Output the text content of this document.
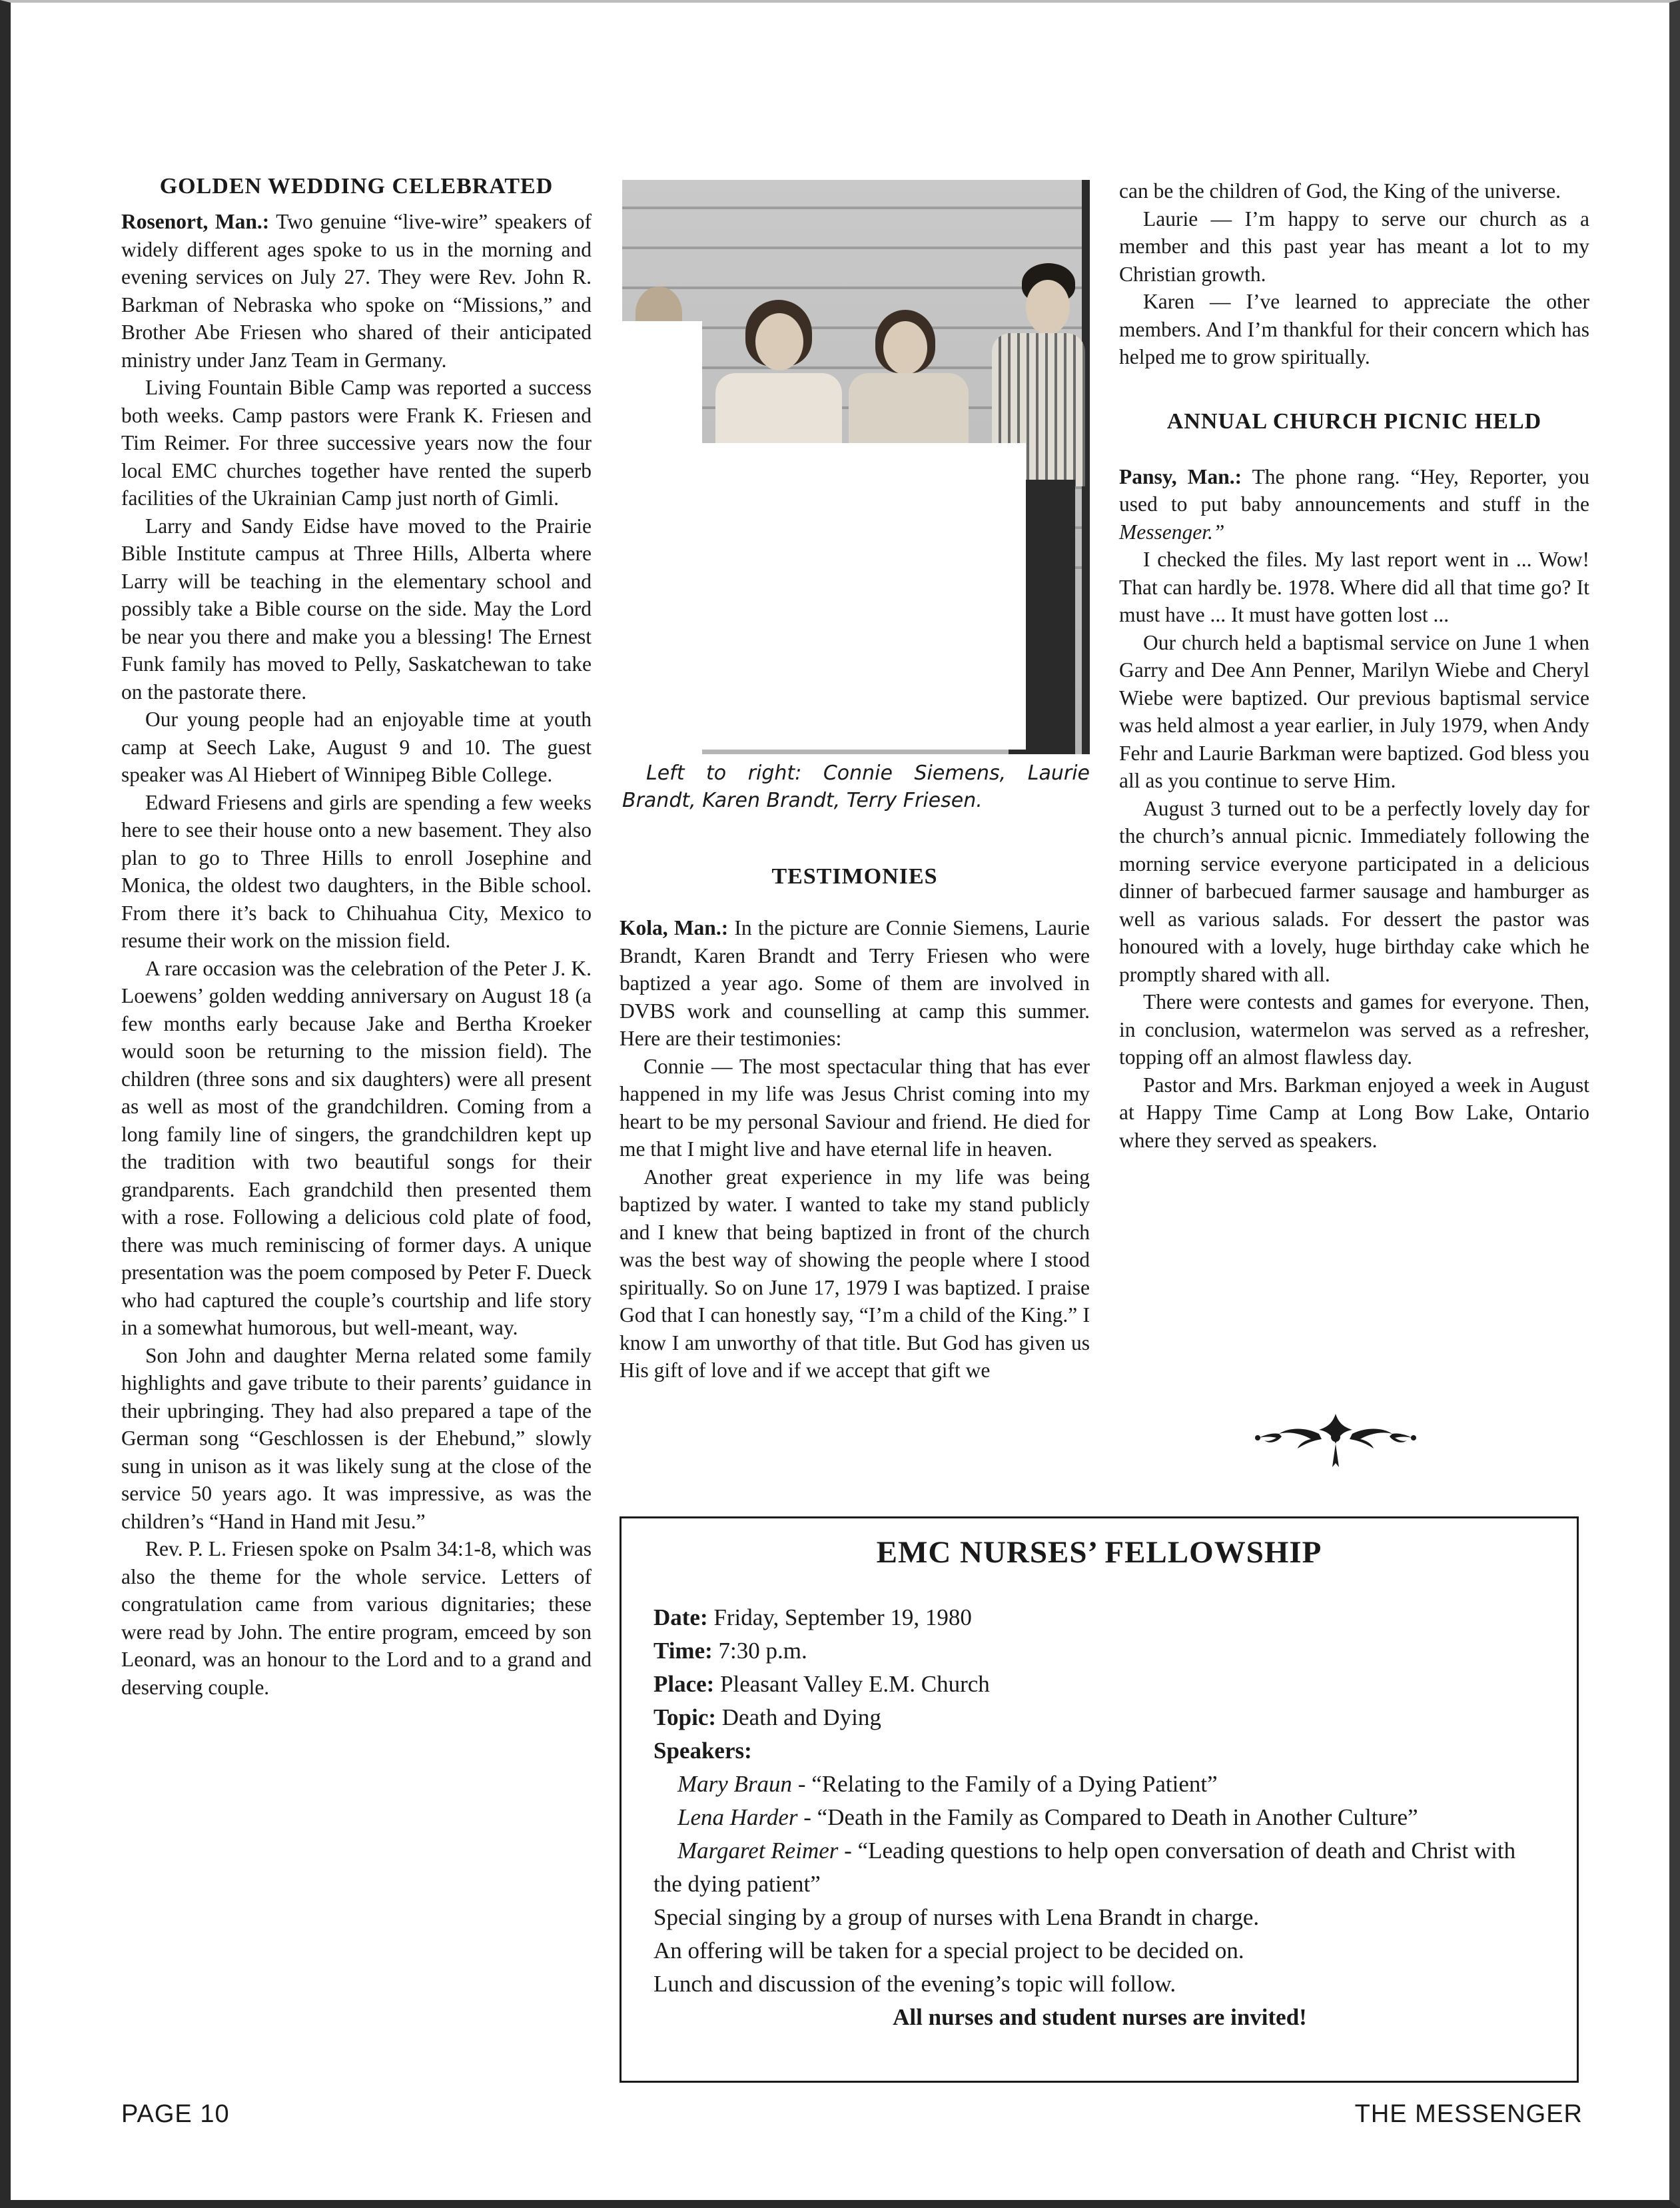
GOLDEN WEDDING CELEBRATED

Rosenort, Man.: Two genuine “live-wire” speakers of widely different ages spoke to us in the morning and evening services on July 27. They were Rev. John R. Barkman of Nebraska who spoke on “Missions,” and Brother Abe Friesen who shared of their anticipated ministry under Janz Team in Germany.

Living Fountain Bible Camp was reported a success both weeks. Camp pastors were Frank K. Friesen and Tim Reimer. For three successive years now the four local EMC churches together have rented the superb facilities of the Ukrainian Camp just north of Gimli.

Larry and Sandy Eidse have moved to the Prairie Bible Institute campus at Three Hills, Alberta where Larry will be teaching in the elementary school and possibly take a Bible course on the side. May the Lord be near you there and make you a blessing! The Ernest Funk family has moved to Pelly, Saskatchewan to take on the pastorate there.

Our young people had an enjoyable time at youth camp at Seech Lake, August 9 and 10. The guest speaker was Al Hiebert of Winnipeg Bible College.

Edward Friesens and girls are spending a few weeks here to see their house onto a new basement. They also plan to go to Three Hills to enroll Josephine and Monica, the oldest two daughters, in the Bible school. From there it’s back to Chihuahua City, Mexico to resume their work on the mission field.

A rare occasion was the celebration of the Peter J. K. Loewens’ golden wedding anniversary on August 18 (a few months early because Jake and Bertha Kroeker would soon be returning to the mission field). The children (three sons and six daughters) were all present as well as most of the grandchildren. Coming from a long family line of singers, the grandchildren kept up the tradition with two beautiful songs for their grandparents. Each grandchild then presented them with a rose. Following a delicious cold plate of food, there was much reminiscing of former days. A unique presentation was the poem composed by Peter F. Dueck who had captured the couple’s courtship and life story in a somewhat humorous, but well-meant, way.

Son John and daughter Merna related some family highlights and gave tribute to their parents’ guidance in their upbringing. They had also prepared a tape of the German song “Geschlossen is der Ehebund,” slowly sung in unison as it was likely sung at the close of the service 50 years ago. It was impressive, as was the children’s “Hand in Hand mit Jesu.”

Rev. P. L. Friesen spoke on Psalm 34:1-8, which was also the theme for the whole service. Letters of congratulation came from various dignitaries; these were read by John. The entire program, emceed by son Leonard, was an honour to the Lord and to a grand and deserving couple.

Left to right: Connie Siemens, Laurie Brandt, Karen Brandt, Terry Friesen.
TESTIMONIES

Kola, Man.: In the picture are Connie Siemens, Laurie Brandt, Karen Brandt and Terry Friesen who were baptized a year ago. Some of them are involved in DVBS work and counselling at camp this summer. Here are their testimonies:

Connie — The most spectacular thing that has ever happened in my life was Jesus Christ coming into my heart to be my personal Saviour and friend. He died for me that I might live and have eternal life in heaven.

Another great experience in my life was being baptized by water. I wanted to take my stand publicly and I knew that being baptized in front of the church was the best way of showing the people where I stood spiritually. So on June 17, 1979 I was baptized. I praise God that I can honestly say, “I’m a child of the King.” I know I am unworthy of that title. But God has given us His gift of love and if we accept that gift we

can be the children of God, the King of the universe.

Laurie — I’m happy to serve our church as a member and this past year has meant a lot to my Christian growth.

Karen — I’ve learned to appreciate the other members. And I’m thankful for their concern which has helped me to grow spiritually.

ANNUAL CHURCH PICNIC HELD

Pansy, Man.: The phone rang. “Hey, Reporter, you used to put baby announcements and stuff in the Messenger.”

I checked the files. My last report went in ... Wow! That can hardly be. 1978. Where did all that time go? It must have ... It must have gotten lost ...

Our church held a baptismal service on June 1 when Garry and Dee Ann Penner, Marilyn Wiebe and Cheryl Wiebe were baptized. Our previous baptismal service was held almost a year earlier, in July 1979, when Andy Fehr and Laurie Barkman were baptized. God bless you all as you continue to serve Him.

August 3 turned out to be a perfectly lovely day for the church’s annual picnic. Immediately following the morning service everyone participated in a delicious dinner of barbecued farmer sausage and hamburger as well as various salads. For dessert the pastor was honoured with a lovely, huge birthday cake which he promptly shared with all.

There were contests and games for everyone. Then, in conclusion, watermelon was served as a refresher, topping off an almost flawless day.

Pastor and Mrs. Barkman enjoyed a week in August at Happy Time Camp at Long Bow Lake, Ontario where they served as speakers.

EMC NURSES’ FELLOWSHIP

Date: Friday, September 19, 1980

Time: 7:30 p.m.

Place: Pleasant Valley E.M. Church

Topic: Death and Dying

Speakers:

Mary Braun - “Relating to the Family of a Dying Patient”

Lena Harder - “Death in the Family as Compared to Death in Another Culture”

Margaret Reimer - “Leading questions to help open conversation of death and Christ with the dying patient”

Special singing by a group of nurses with Lena Brandt in charge.

An offering will be taken for a special project to be decided on.

Lunch and discussion of the evening’s topic will follow.

All nurses and student nurses are invited!

PAGE 10	THE MESSENGER
